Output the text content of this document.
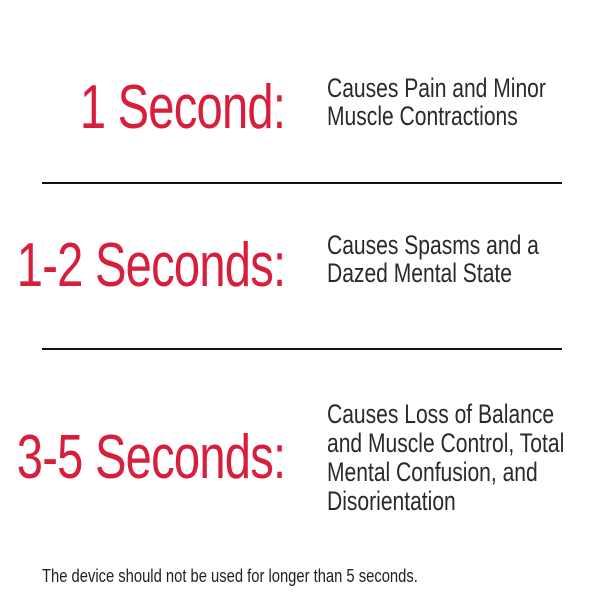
1 Second: Causes Pain and Minor Muscle Contractions
1-2 Seconds: Causes Spasms and a Dazed Mental State
3-5 Seconds:
Causes Loss of Balance and Muscle Control, Total Mental Confusion, and Disorientation
The device should not be used for longer than 5 seconds.
